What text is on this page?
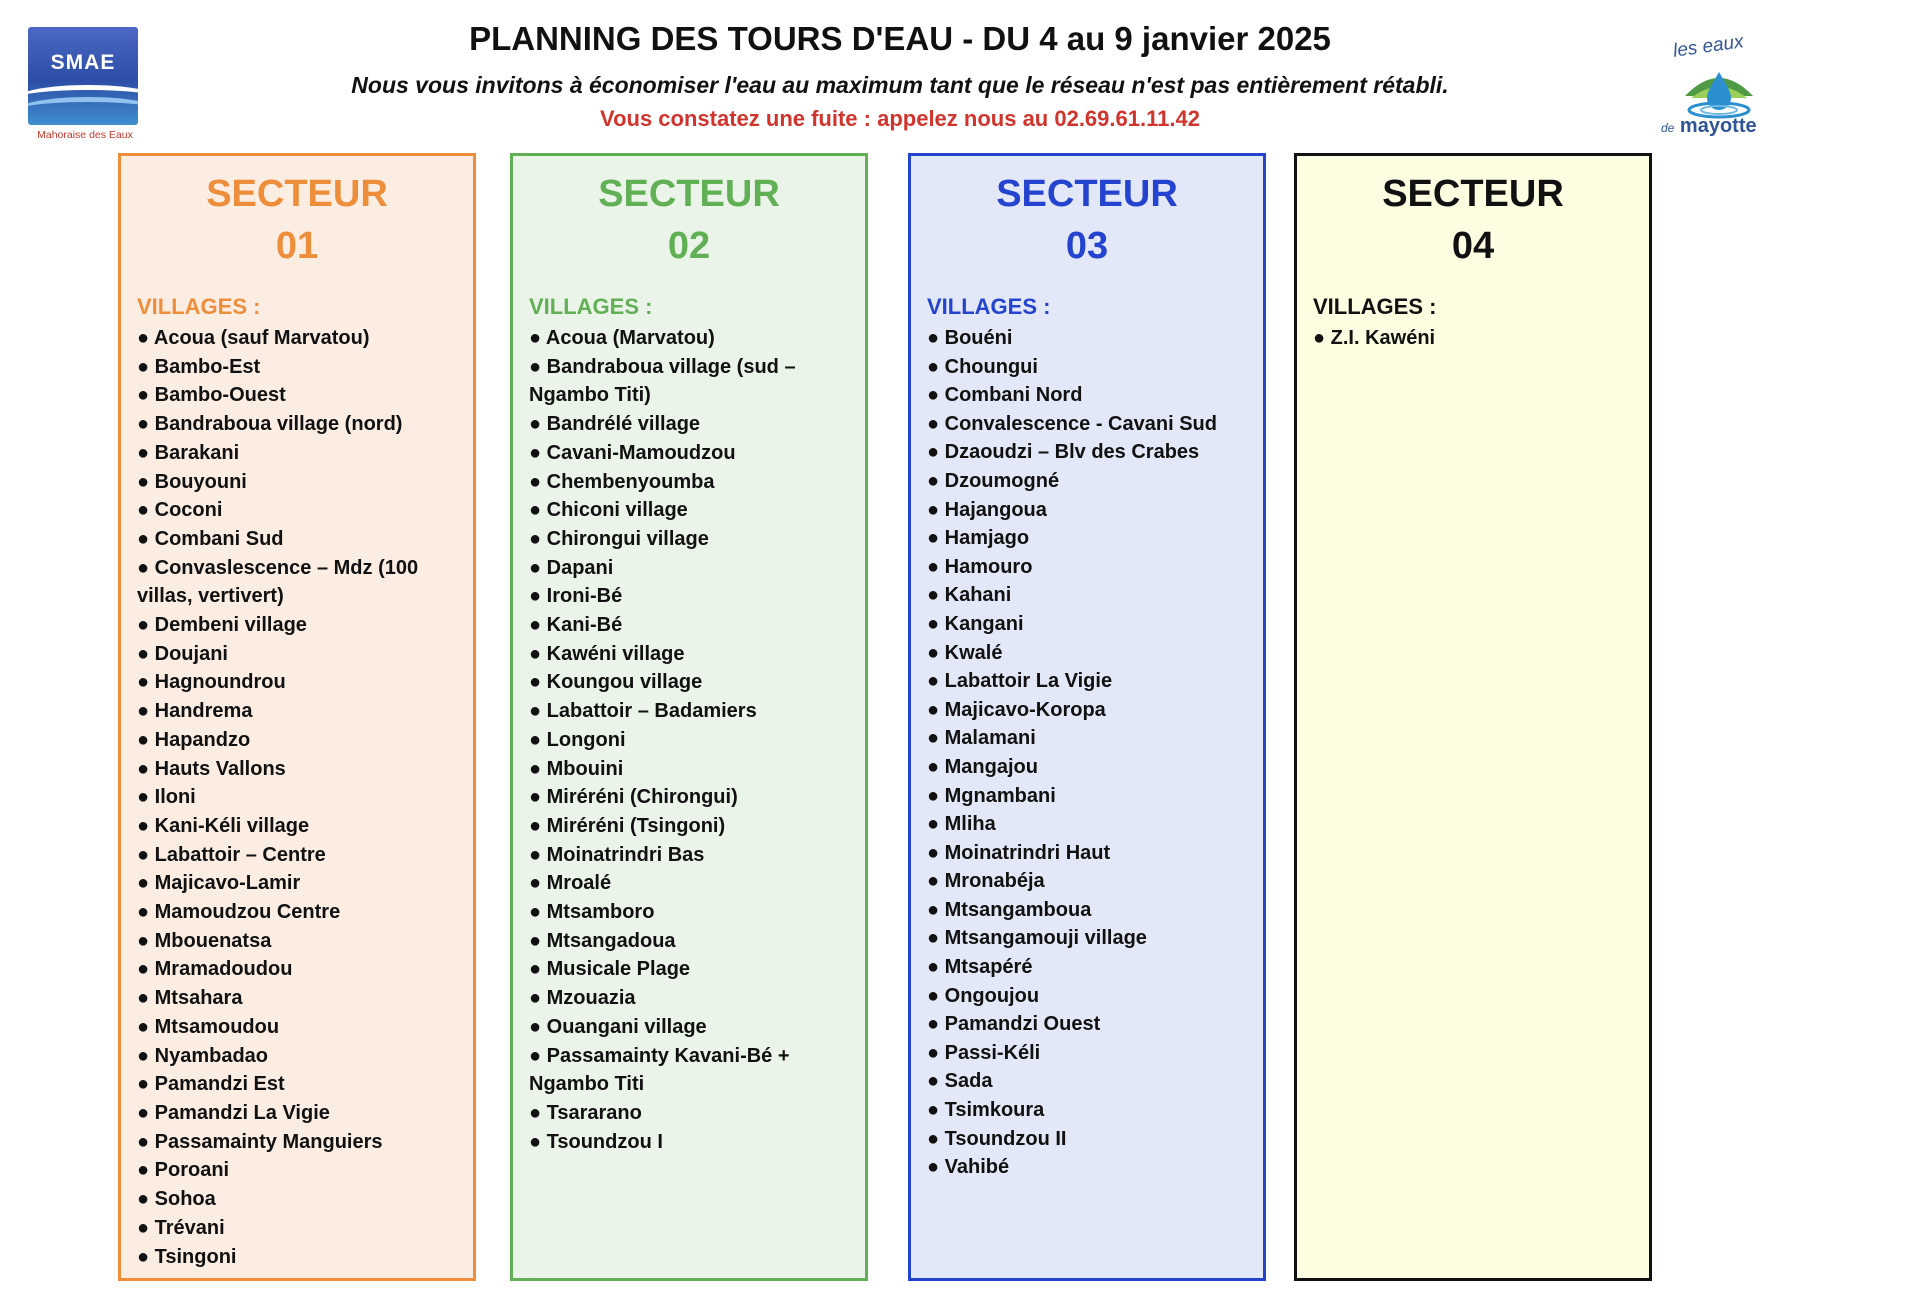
SMAE
Mahoraise des Eaux
PLANNING DES TOURS D'EAU - DU 4 au 9 janvier 2025
Nous vous invitons à économiser l'eau au maximum tant que le réseau n'est pas entièrement rétabli.
Vous constatez une fuite : appelez nous au 02.69.61.11.42
les eaux
de mayotte
SECTEUR
01
VILLAGES :
● Acoua (sauf Marvatou)
● Bambo-Est
● Bambo-Ouest
● Bandraboua village (nord)
● Barakani
● Bouyouni
● Coconi
● Combani Sud
● Convaslescence – Mdz (100 villas, vertivert)
● Dembeni village
● Doujani
● Hagnoundrou
● Handrema
● Hapandzo
● Hauts Vallons
● Iloni
● Kani-Kéli village
● Labattoir – Centre
● Majicavo-Lamir
● Mamoudzou Centre
● Mbouenatsa
● Mramadoudou
● Mtsahara
● Mtsamoudou
● Nyambadao
● Pamandzi Est
● Pamandzi La Vigie
● Passamainty Manguiers
● Poroani
● Sohoa
● Trévani
● Tsingoni
SECTEUR
02
VILLAGES :
● Acoua (Marvatou)
● Bandraboua village (sud – Ngambo Titi)
● Bandrélé village
● Cavani-Mamoudzou
● Chembenyoumba
● Chiconi village
● Chirongui village
● Dapani
● Ironi-Bé
● Kani-Bé
● Kawéni village
● Koungou village
● Labattoir – Badamiers
● Longoni
● Mbouini
● Miréréni (Chirongui)
● Miréréni (Tsingoni)
● Moinatrindri Bas
● Mroalé
● Mtsamboro
● Mtsangadoua
● Musicale Plage
● Mzouazia
● Ouangani village
● Passamainty Kavani-Bé + Ngambo Titi
● Tsararano
● Tsoundzou I
SECTEUR
03
VILLAGES :
● Bouéni
● Choungui
● Combani Nord
● Convalescence - Cavani Sud
● Dzaoudzi – Blv des Crabes
● Dzoumogné
● Hajangoua
● Hamjago
● Hamouro
● Kahani
● Kangani
● Kwalé
● Labattoir La Vigie
● Majicavo-Koropa
● Malamani
● Mangajou
● Mgnambani
● Mliha
● Moinatrindri Haut
● Mronabéja
● Mtsangamboua
● Mtsangamouji village
● Mtsapéré
● Ongoujou
● Pamandzi Ouest
● Passi-Kéli
● Sada
● Tsimkoura
● Tsoundzou II
● Vahibé
SECTEUR
04
VILLAGES :
● Z.I. Kawéni
